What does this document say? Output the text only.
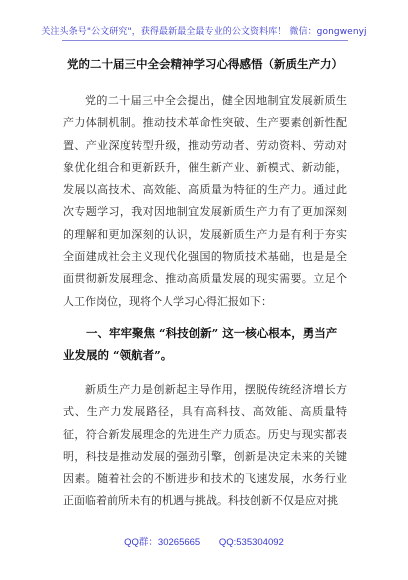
关注头条号"公文研究"，获得最新最全最专业的公文资料库！ 微信：gongwenyj
党的二十届三中全会精神学习心得感悟（新质生产力）

党的二十届三中全会提出，健全因地制宜发展新质生产力体制机制。推动技术革命性突破、生产要素创新性配置、产业深度转型升级，推动劳动者、劳动资料、劳动对象优化组合和更新跃升，催生新产业、新模式、新动能，发展以高技术、高效能、高质量为特征的生产力。通过此次专题学习，我对因地制宜发展新质生产力有了更加深刻的理解和更加深刻的认识，发展新质生产力是有利于夯实全面建成社会主义现代化强国的物质技术基础，也是是全面贯彻新发展理念、推动高质量发展的现实需要。立足个人工作岗位，现将个人学习心得汇报如下：

一、牢牢聚焦 “科技创新” 这一核心根本，勇当产业发展的 “领航者”。

新质生产力是创新起主导作用，摆脱传统经济增长方式、生产力发展路径，具有高科技、高效能、高质量特征，符合新发展理念的先进生产力质态。历史与现实都表明，科技是推动发展的强劲引擎，创新是决定未来的关键因素。随着社会的不断进步和技术的飞速发展，水务行业正面临着前所未有的机遇与挑战。科技创新不仅是应对挑

QQ群：30265665 QQ:535304092
